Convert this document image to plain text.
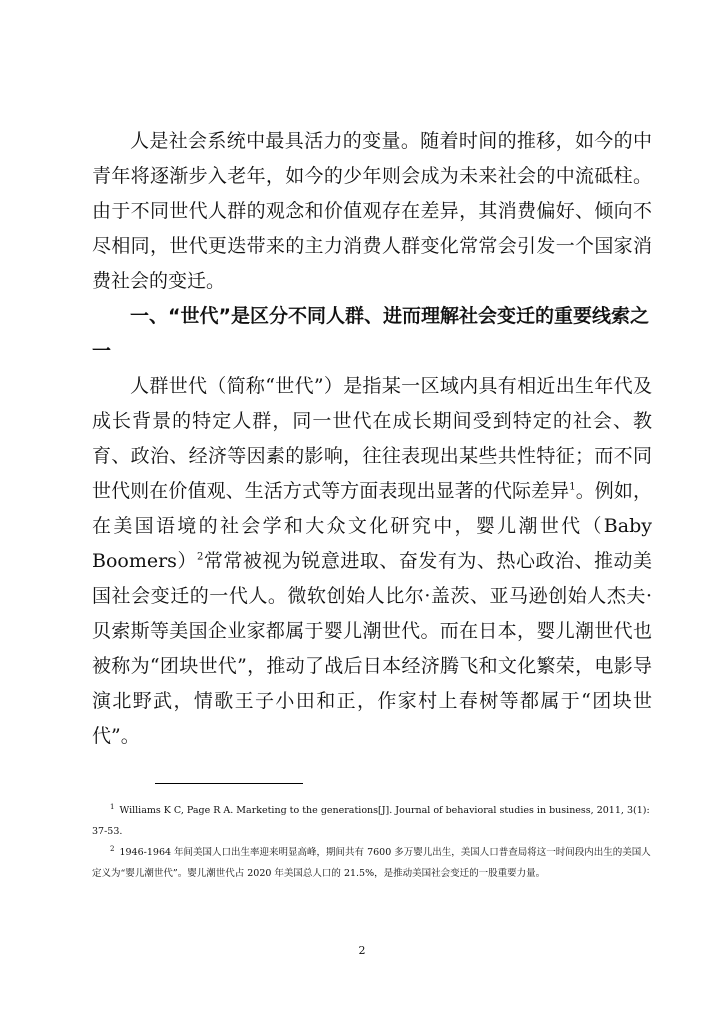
人是社会系统中最具活力的变量。随着时间的推移，如今的中青年将逐渐步入老年，如今的少年则会成为未来社会的中流砥柱。由于不同世代人群的观念和价值观存在差异，其消费偏好、倾向不尽相同，世代更迭带来的主力消费人群变化常常会引发一个国家消费社会的变迁。

一、“世代”是区分不同人群、进而理解社会变迁的重要线索之一

人群世代（简称“世代”）是指某一区域内具有相近出生年代及成长背景的特定人群，同一世代在成长期间受到特定的社会、教育、政治、经济等因素的影响，往往表现出某些共性特征；而不同世代则在价值观、生活方式等方面表现出显著的代际差异$^1$。例如，在美国语境的社会学和大众文化研究中，婴儿潮世代（Baby Boomers）$^2$常常被视为锐意进取、奋发有为、热心政治、推动美国社会变迁的一代人。微软创始人比尔·盖茨、亚马逊创始人杰夫·贝索斯等美国企业家都属于婴儿潮世代。而在日本，婴儿潮世代也被称为“团块世代”，推动了战后日本经济腾飞和文化繁荣，电影导演北野武，情歌王子小田和正，作家村上春树等都属于“团块世代”。

$^1$ Williams K C, Page R A. Marketing to the generations[J]. Journal of behavioral studies in business, 2011, 3(1): 37-53.

$^2$ 1946-1964 年间美国人口出生率迎来明显高峰，期间共有 7600 多万婴儿出生，美国人口普查局将这一时间段内出生的美国人定义为“婴儿潮世代”。婴儿潮世代占 2020 年美国总人口的 21.5%，是推动美国社会变迁的一股重要力量。

2
